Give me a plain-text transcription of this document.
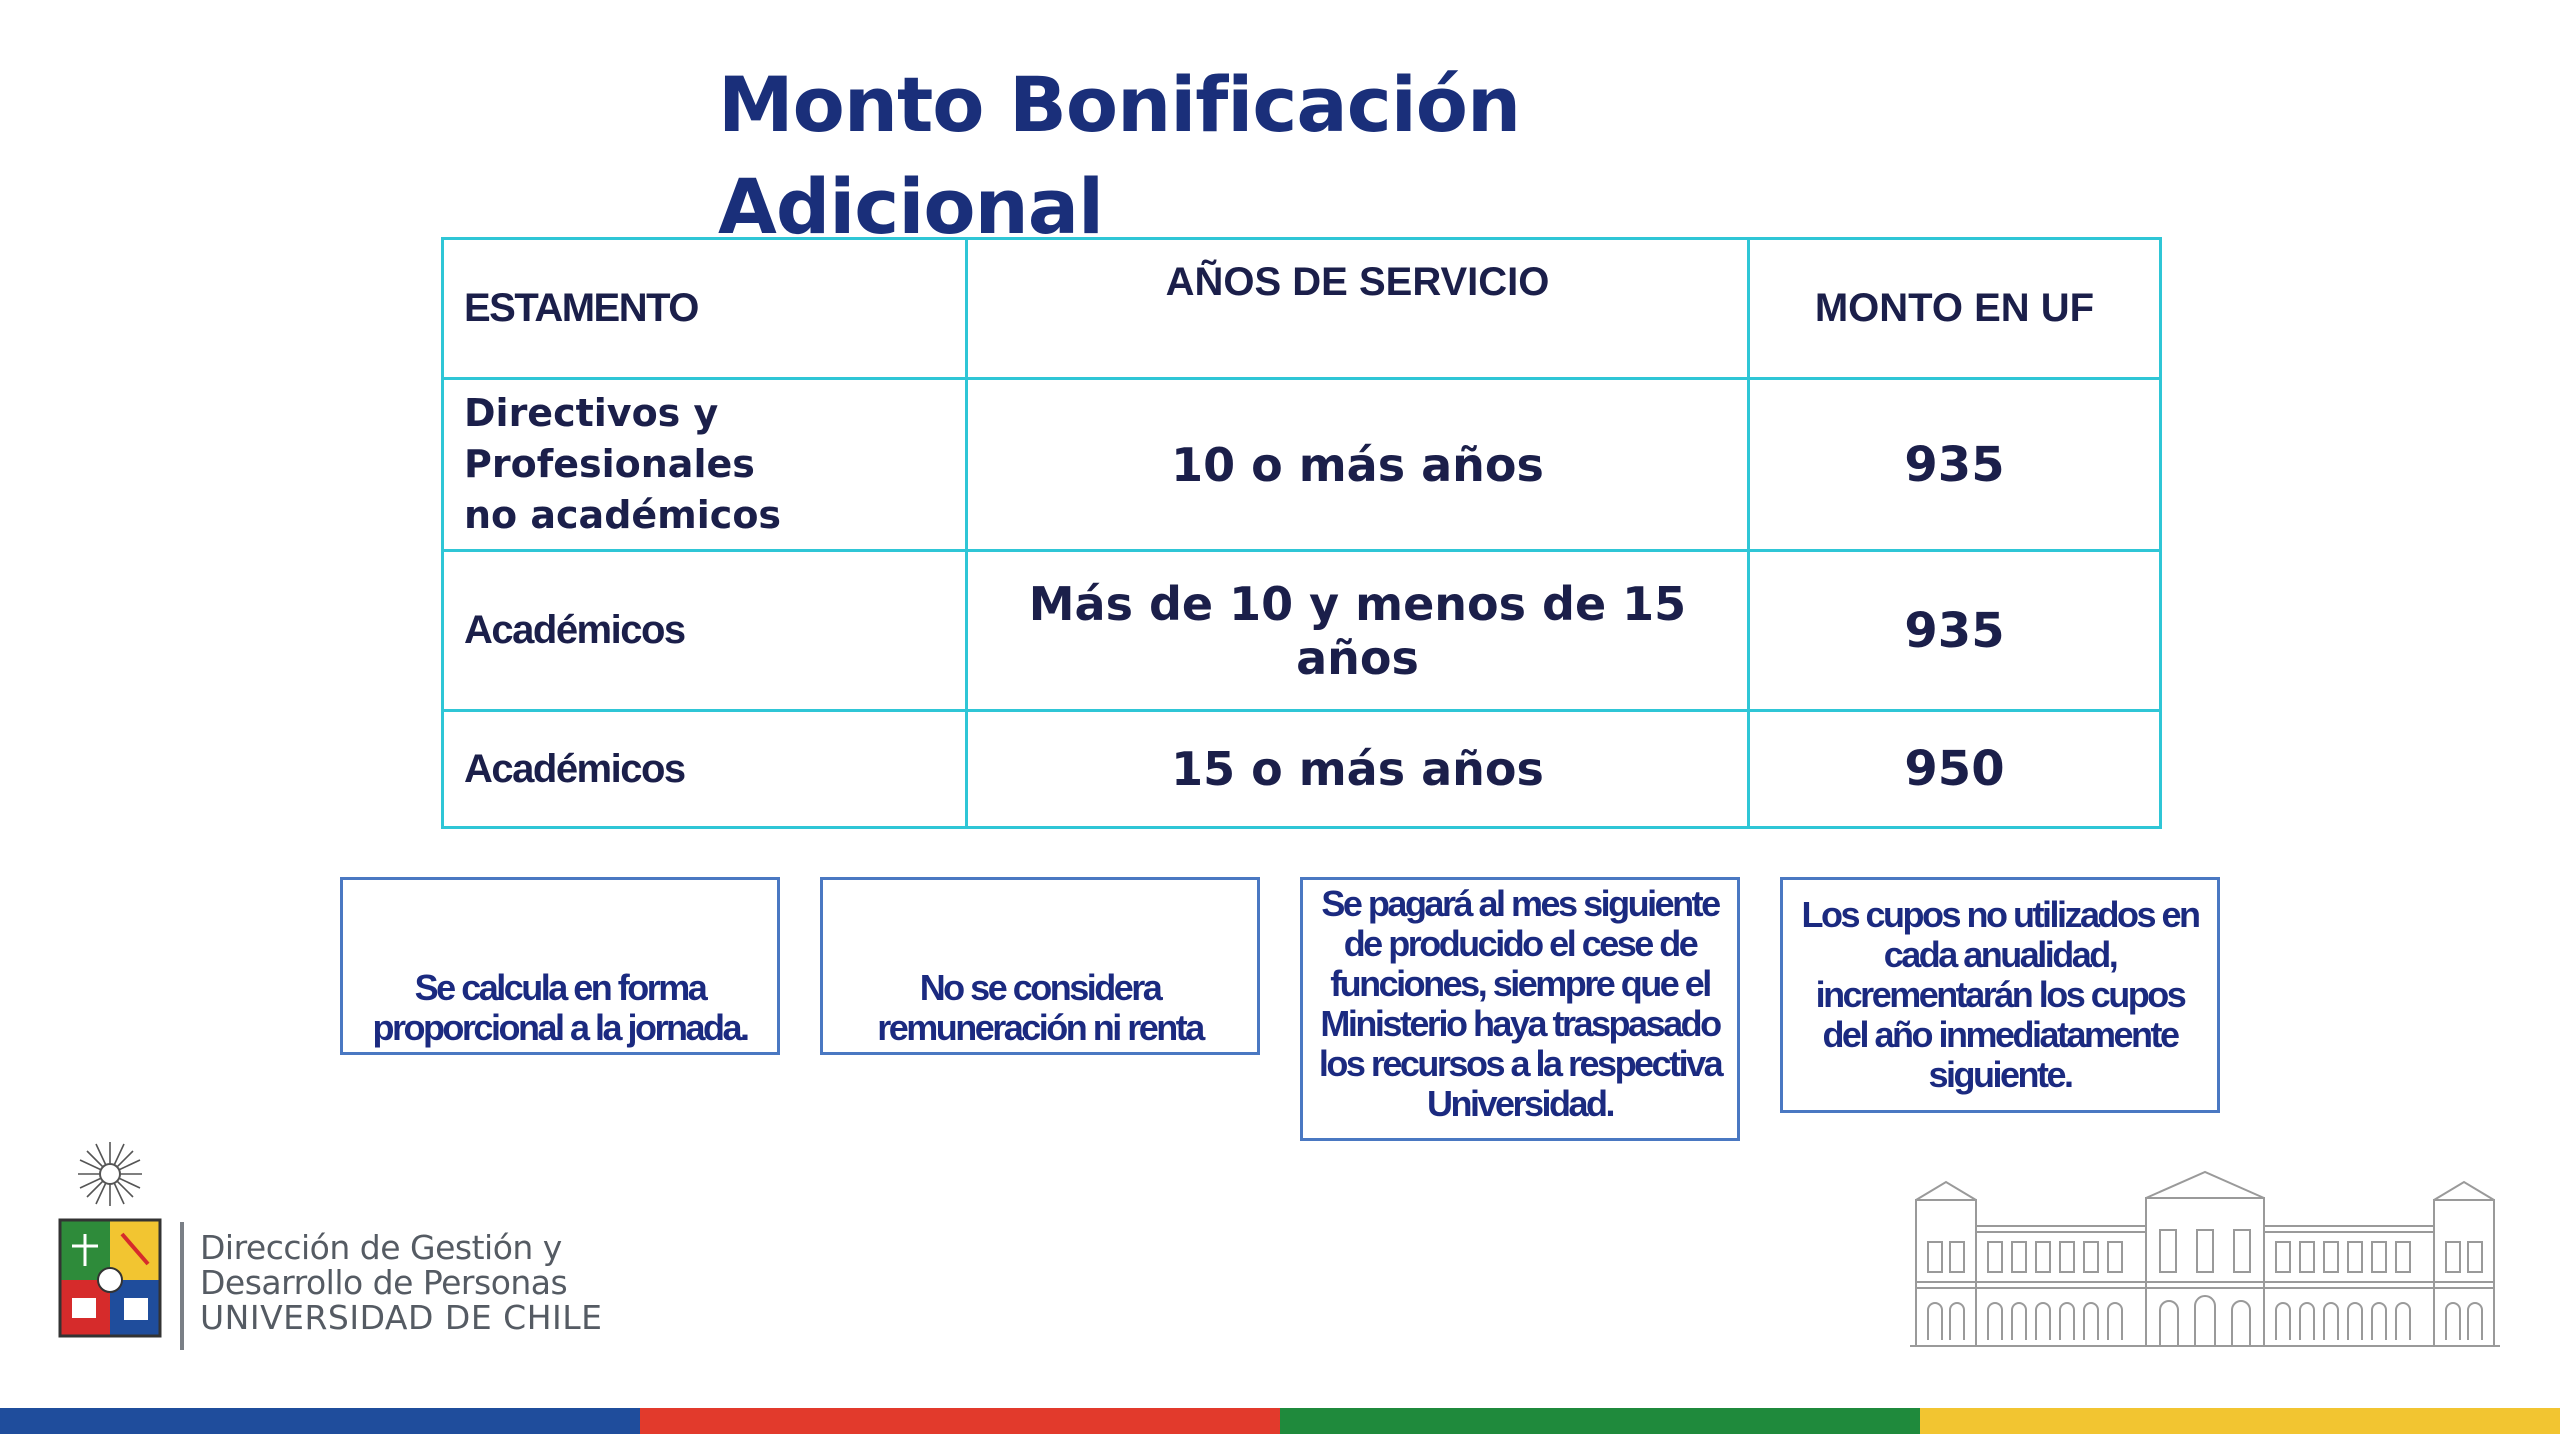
Monto Bonificación
Adicional
ESTAMENTO	AÑOS DE SERVICIO	MONTO EN UF

Directivos y
Profesionales
no académicos	10 o más años	935
Académicos	Más de 10 y menos de 15 años	935
Académicos	15 o más años	950
Se calcula en forma
proporcional a la jornada.
No se considera
remuneración ni renta
Se pagará al mes siguiente
de producido el cese de
funciones, siempre que el
Ministerio haya traspasado
los recursos a la respectiva
Universidad.
Los cupos no utilizados en
cada anualidad,
incrementarán los cupos
del año inmediatamente
siguiente.
Dirección de Gestión y
Desarrollo de Personas
UNIVERSIDAD DE CHILE
